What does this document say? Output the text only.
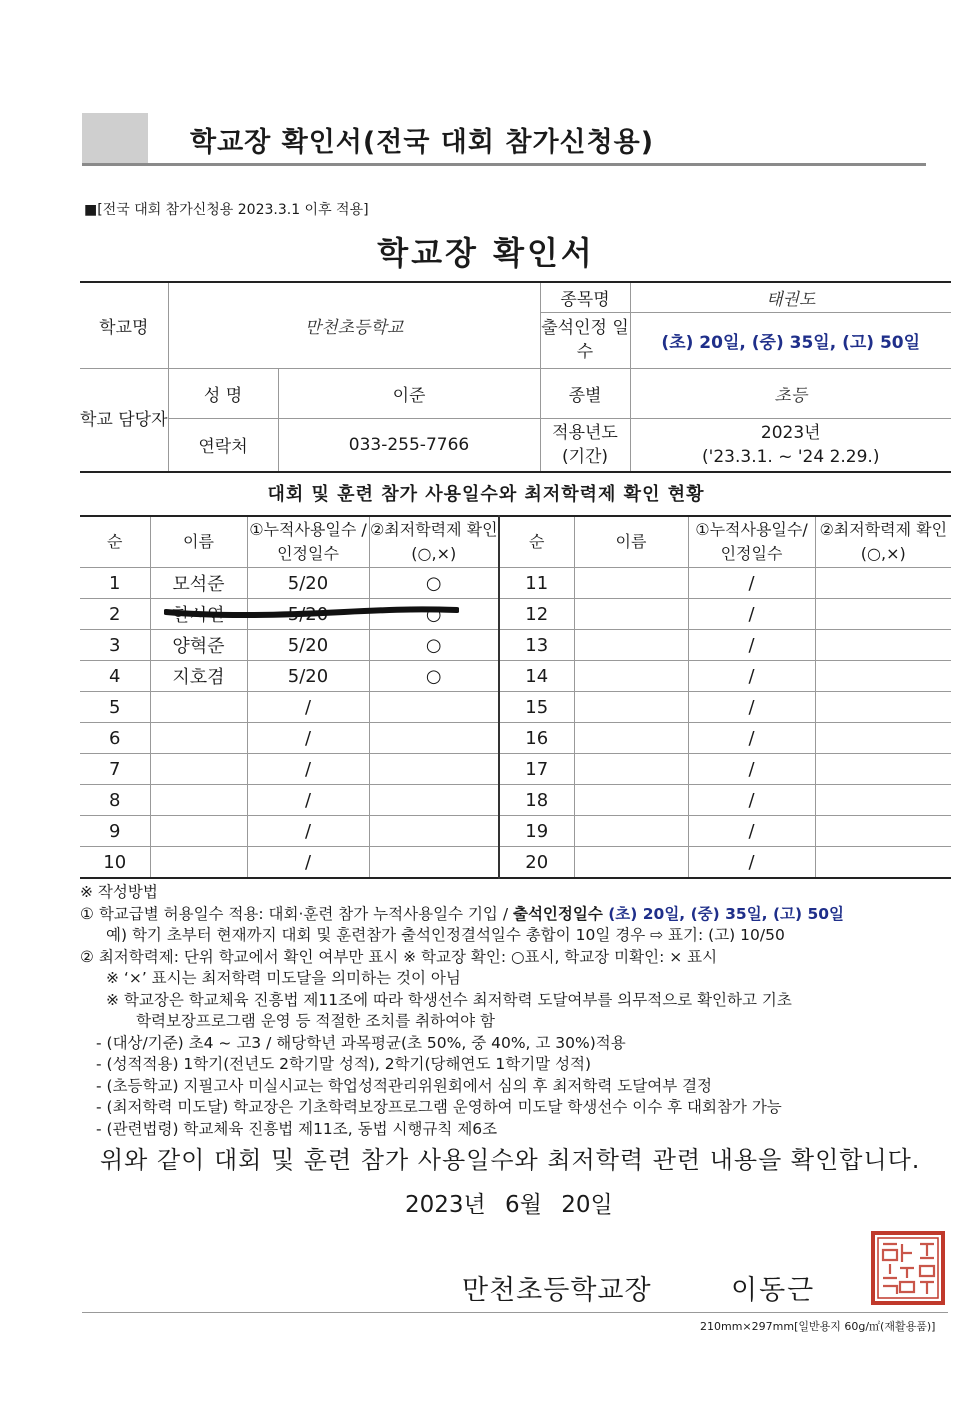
학교장 확인서(전국 대회 참가신청용)
■[전국 대회 참가신청용 2023.3.1 이후 적용]
학교장 확인서
학교명	만천초등학교		종목명	태권도
			출석인정 일수	(초) 20일, (중) 35일, (고) 50일
학교 담당자	성 명	이준	종별	초등
	연락처	033-255-7766	적용년도 (기간)	2023년
('23.3.1. ~ '24 2.29.)
대회 및 훈련 참가 사용일수와 최저학력제 확인 현황
순	이름	①누적사용일수 /인정일수	②최저학력제 확인(○,×)	순	이름	①누적사용일수/ 인정일수	②최저학력제 확인(○,×)
1	모석준	5/20	○	11		/	
2	한시연	5/20	○	12		/	
3	양혁준	5/20	○	13		/	
4	지호겸	5/20	○	14		/	
5		/		15		/	
6		/		16		/	
7		/		17		/	
8		/		18		/	
9		/		19		/	
10		/		20		/	
※ 작성방법
① 학교급별 허용일수 적용: 대회·훈련 참가 누적사용일수 기입 / 출석인정일수 (초) 20일, (중) 35일, (고) 50일
예) 학기 초부터 현재까지 대회 및 훈련참가 출석인정결석일수 총합이 10일 경우 ⇨ 표기: (고) 10/50
② 최저학력제: 단위 학교에서 확인 여부만 표시 ※ 학교장 확인: ○표시, 학교장 미확인: × 표시
※ ‘×’ 표시는 최저학력 미도달을 의미하는 것이 아님
※ 학교장은 학교체육 진흥법 제11조에 따라 학생선수 최저학력 도달여부를 의무적으로 확인하고 기초
학력보장프로그램 운영 등 적절한 조치를 취하여야 함
- (대상/기준) 초4 ~ 고3 / 해당학년 과목평균(초 50%, 중 40%, 고 30%)적용
- (성적적용) 1학기(전년도 2학기말 성적), 2학기(당해연도 1학기말 성적)
- (초등학교) 지필고사 미실시교는 학업성적관리위원회에서 심의 후 최저학력 도달여부 결정
- (최저학력 미도달) 학교장은 기초학력보장프로그램 운영하여 미도달 학생선수 이수 후 대회참가 가능
- (관련법령) 학교체육 진흥법 제11조, 동법 시행규칙 제6조
위와 같이 대회 및 훈련 참가 사용일수와 최저학력 관련 내용을 확인합니다.
2023년 6월 20일
만천초등학교장	이동근
210mm×297mm[일반용지 60g/㎡(재활용품)]
